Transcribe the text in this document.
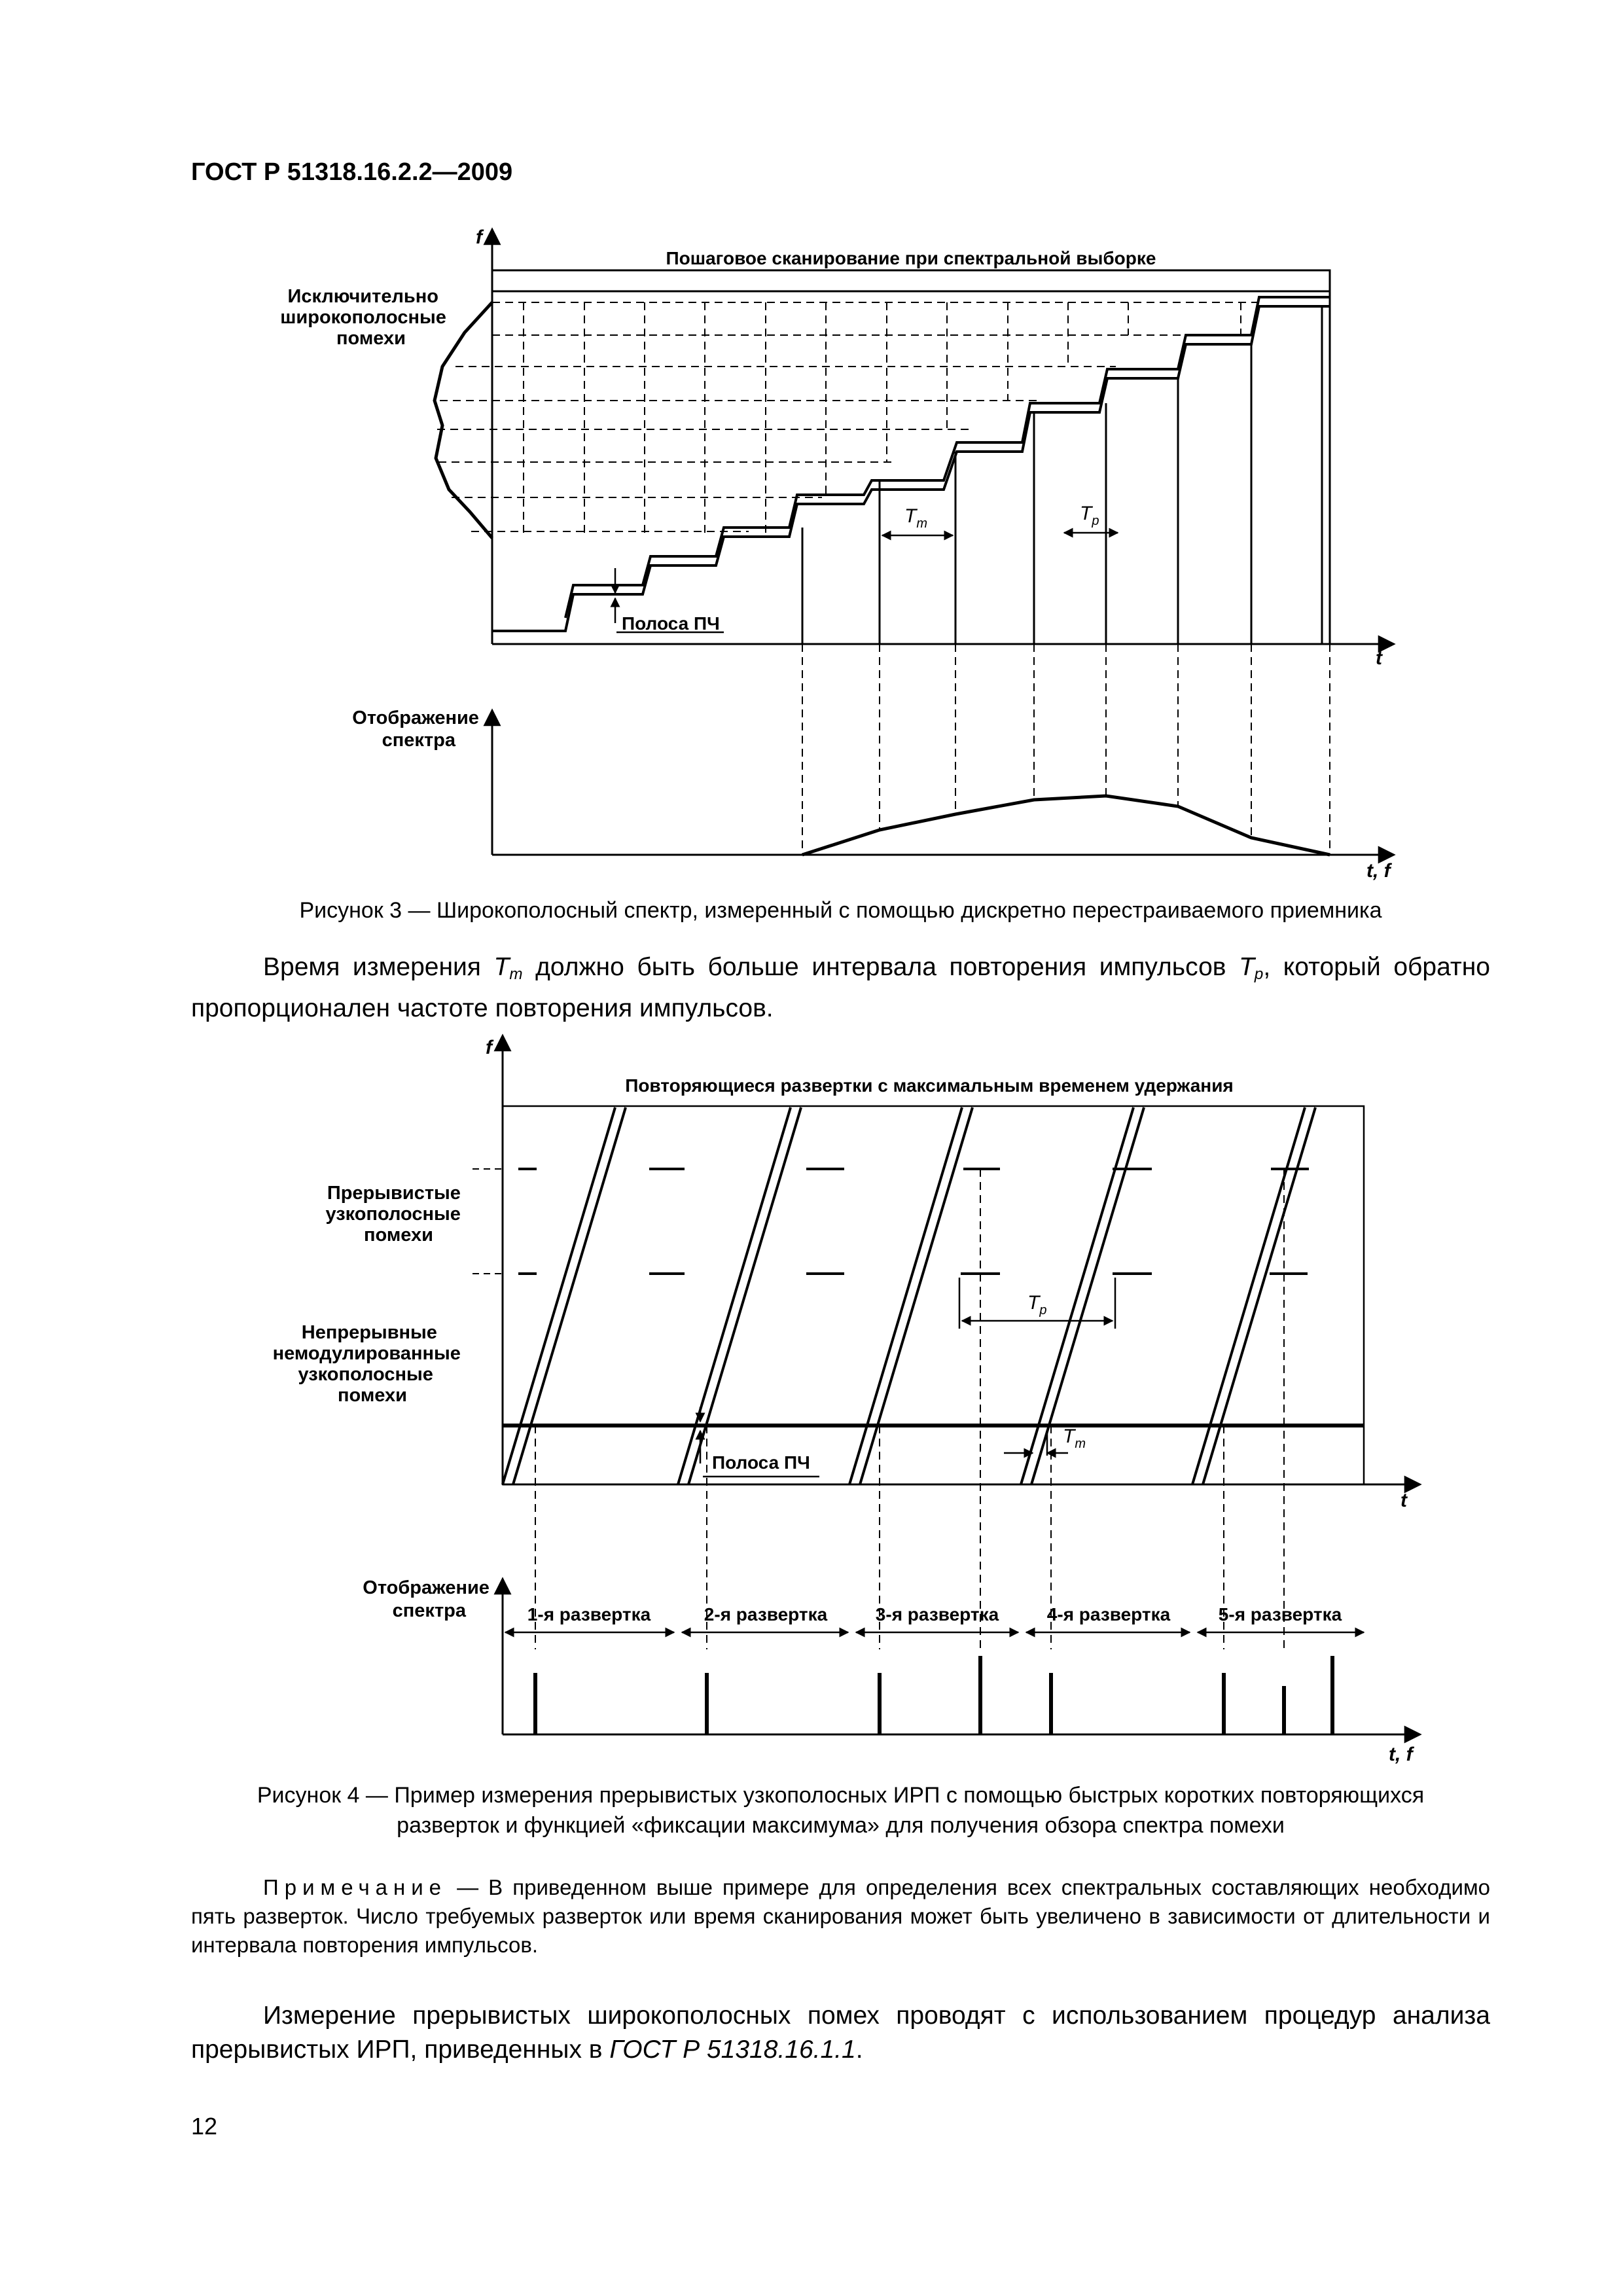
ГОСТ Р 51318.16.2.2—2009
f
t
Пошаговое сканирование при спектральной выборке
Исключительно широкополосные помехи
Полоса ПЧ
$T_m$	$T_p$
Отображение спектра
t, f
Рисунок 3 — Широкополосный спектр, измеренный с помощью дискретно перестраиваемого приемника
Время измерения $T_m$ должно быть больше интервала повторения импульсов $T_p$, который обратно пропорционален частоте повторения импульсов.
f
t
Повторяющиеся развертки с максимальным временем удержания
Прерывистые узкополосные помехи
Непрерывные немодулированные узкополосные помехи
$T_p$
Полоса ПЧ
$T_m$
Отображение спектра
t, f
1-я развертка	2-я развертка	3-я развертка	4-я развертка	5-я развертка
Рисунок 4 — Пример измерения прерывистых узкополосных ИРП с помощью быстрых коротких повторяющихся
разверток и функцией «фиксации максимума» для получения обзора спектра помехи
Примечание — В приведенном выше примере для определения всех спектральных составляющих необходимо пять разверток. Число требуемых разверток или время сканирования может быть увеличено в зависимости от длительности и интервала повторения импульсов.
Измерение прерывистых широкополосных помех проводят с использованием процедур анализа прерывистых ИРП, приведенных в ГОСТ Р 51318.16.1.1.
12
